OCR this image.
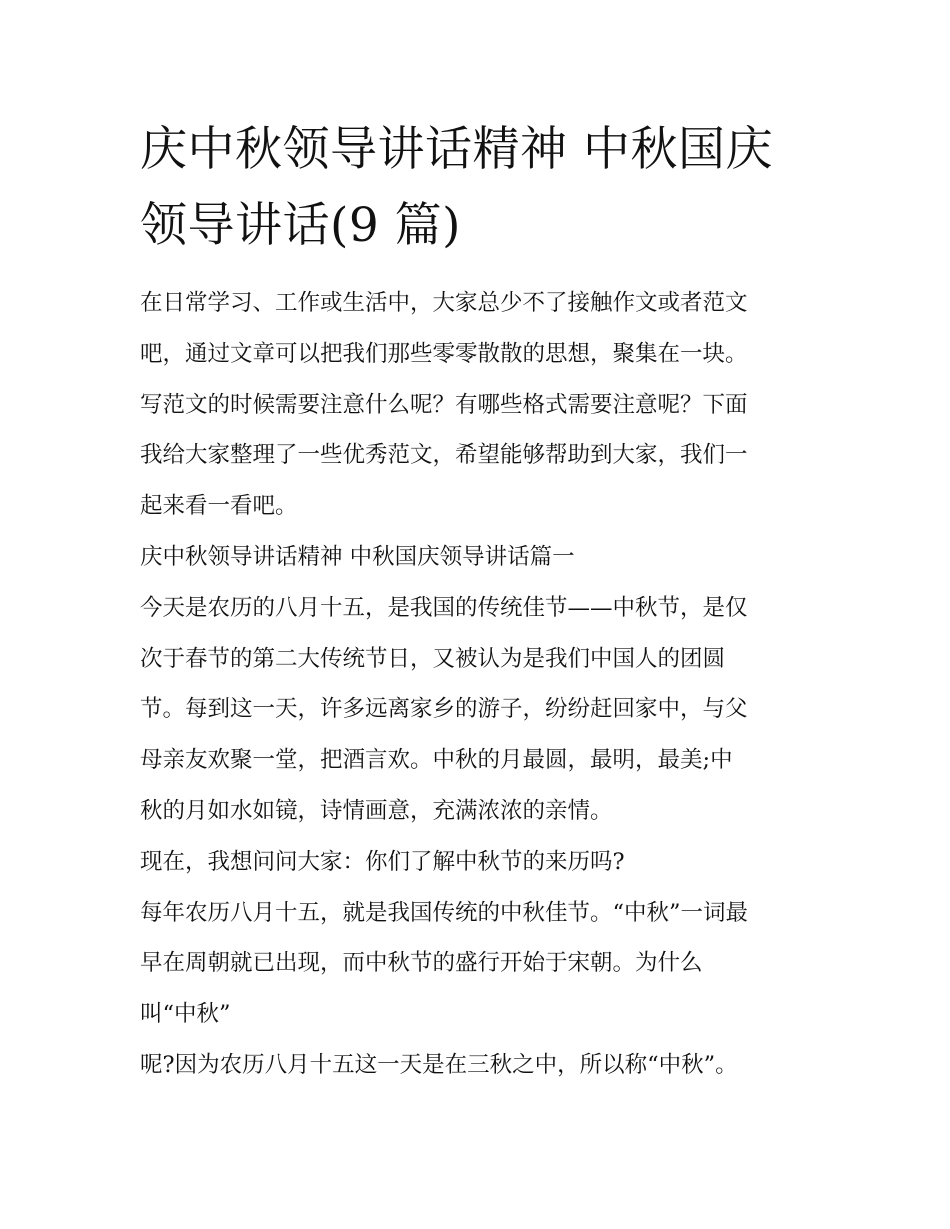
庆中秋领导讲话精神 中秋国庆
领导讲话(9 篇)

在日常学习、工作或生活中，大家总少不了接触作文或者范文

吧，通过文章可以把我们那些零零散散的思想，聚集在一块。

写范文的时候需要注意什么呢？有哪些格式需要注意呢？下面

我给大家整理了一些优秀范文，希望能够帮助到大家，我们一

起来看一看吧。

庆中秋领导讲话精神 中秋国庆领导讲话篇一

今天是农历的八月十五，是我国的传统佳节——中秋节，是仅

次于春节的第二大传统节日，又被认为是我们中国人的团圆

节。每到这一天，许多远离家乡的游子，纷纷赶回家中，与父

母亲友欢聚一堂，把酒言欢。中秋的月最圆，最明，最美;中

秋的月如水如镜，诗情画意，充满浓浓的亲情。

现在，我想问问大家：你们了解中秋节的来历吗?

每年农历八月十五，就是我国传统的中秋佳节。“中秋”一词最

早在周朝就已出现，而中秋节的盛行开始于宋朝。为什么

叫“中秋”

呢?因为农历八月十五这一天是在三秋之中，所以称“中秋”。
